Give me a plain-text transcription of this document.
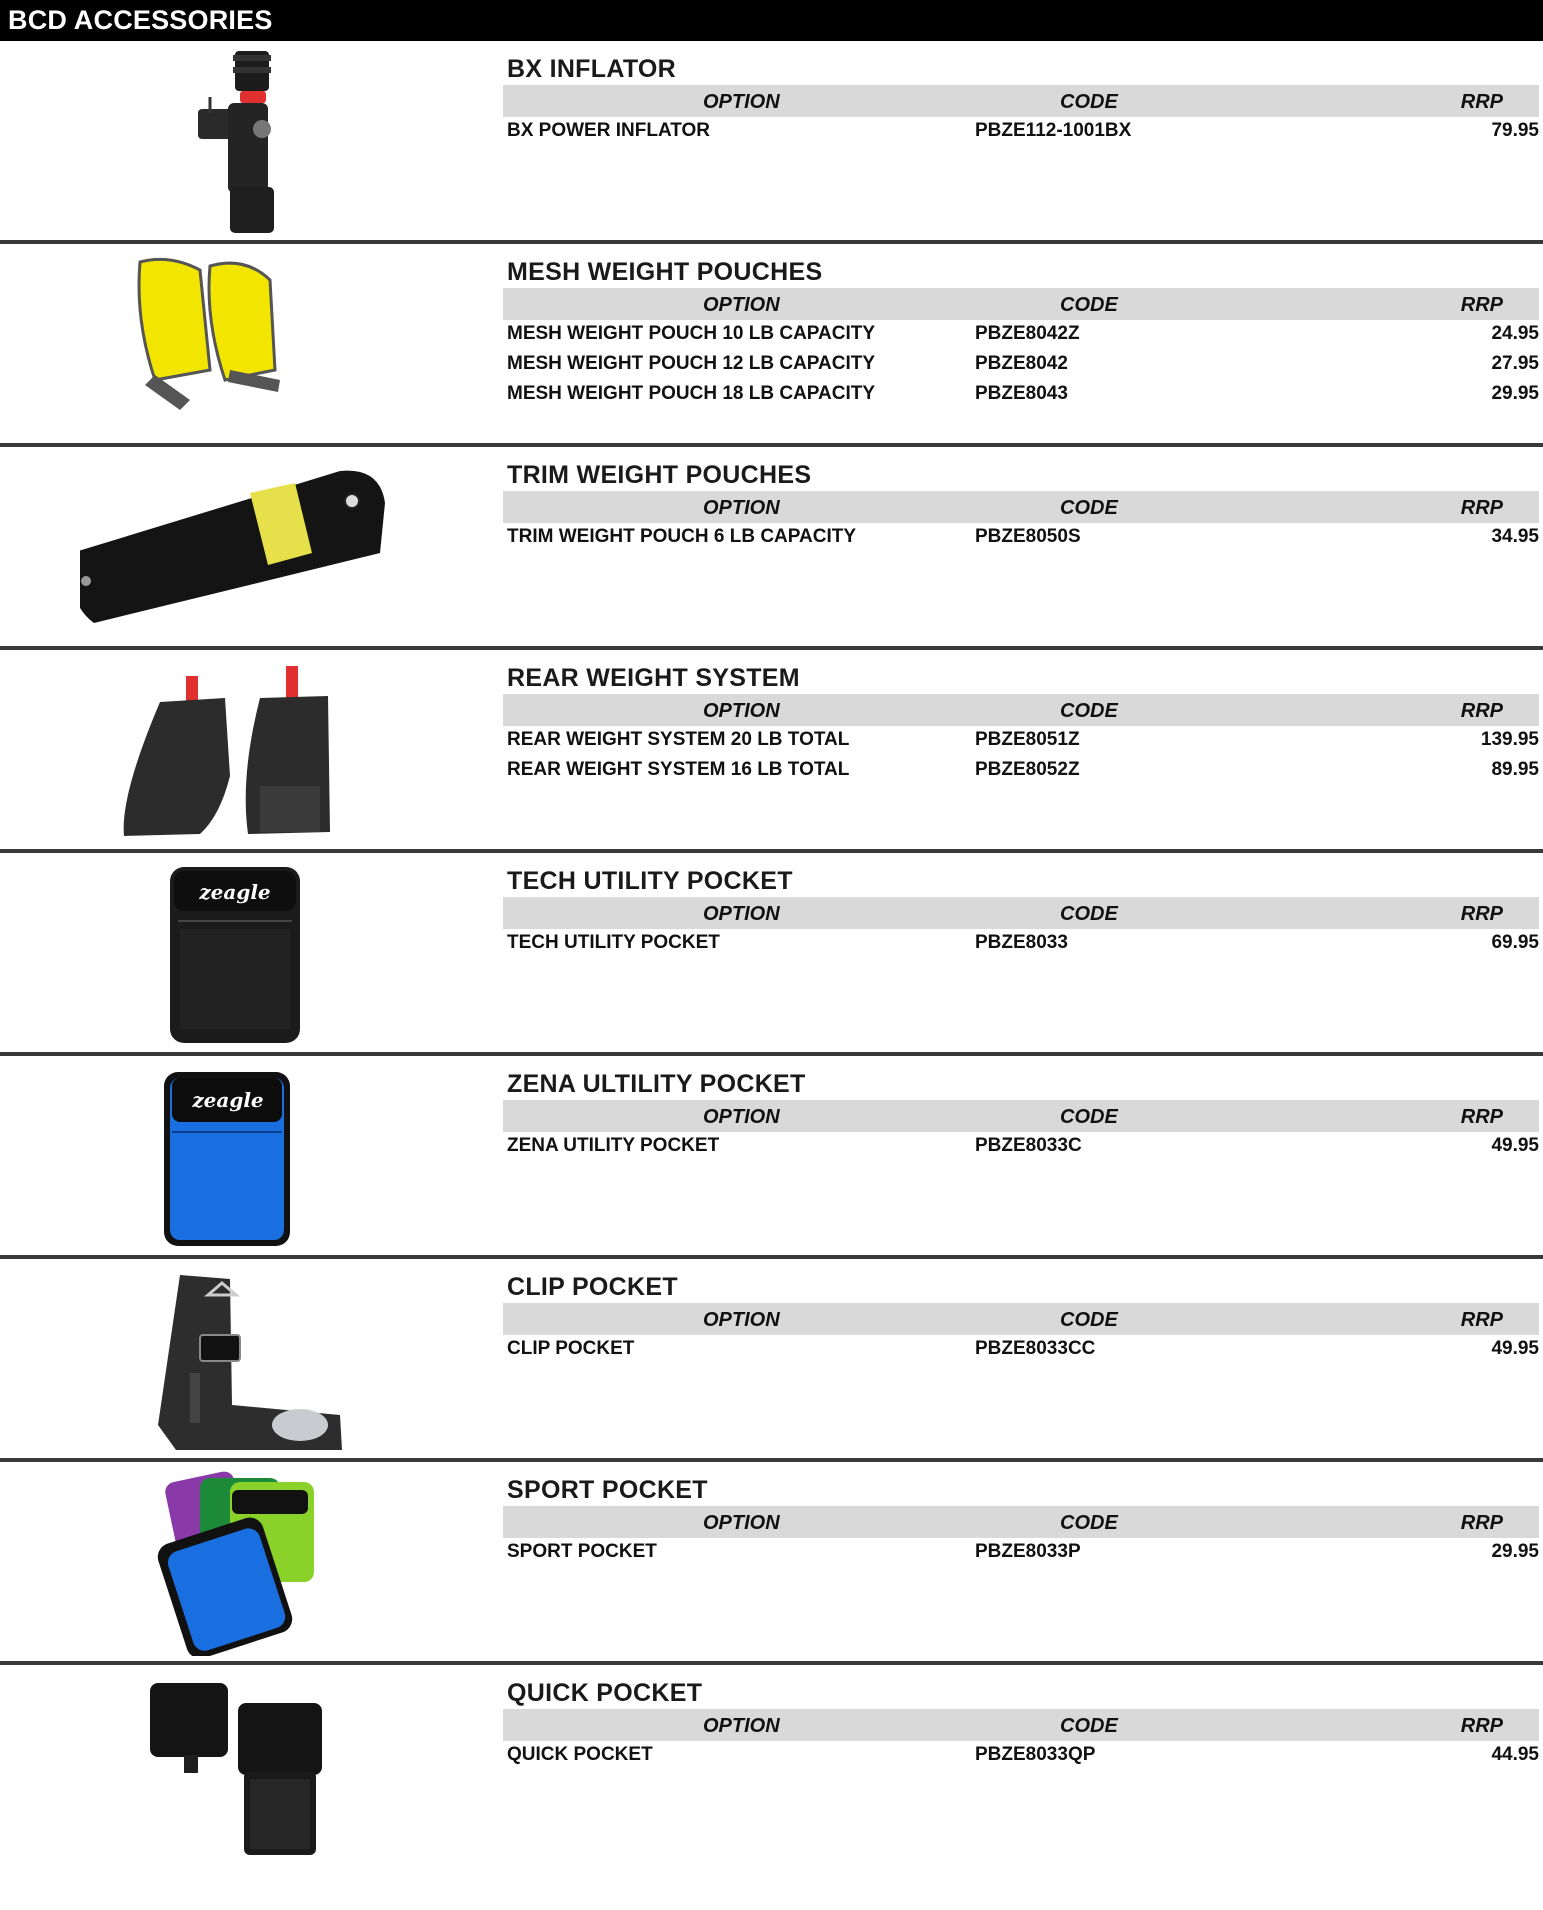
BCD ACCESSORIES
BX INFLATOR
OPTION	CODE	RRP
BX POWER INFLATOR	PBZE112-1001BX	79.95
MESH WEIGHT POUCHES
OPTION	CODE	RRP
MESH WEIGHT POUCH 10 LB CAPACITY	PBZE8042Z	24.95
MESH WEIGHT POUCH 12 LB CAPACITY	PBZE8042	27.95
MESH WEIGHT POUCH 18 LB CAPACITY	PBZE8043	29.95
TRIM WEIGHT POUCHES
OPTION	CODE	RRP
TRIM WEIGHT POUCH 6 LB CAPACITY	PBZE8050S	34.95
REAR WEIGHT SYSTEM
OPTION	CODE	RRP
REAR WEIGHT SYSTEM 20 LB TOTAL	PBZE8051Z	139.95
REAR WEIGHT SYSTEM 16 LB TOTAL	PBZE8052Z	89.95
zeagle	TECH UTILITY POCKET
OPTION	CODE	RRP
TECH UTILITY POCKET	PBZE8033	69.95
zeagle
ZENA ULTILITY POCKET
OPTION	CODE	RRP
ZENA UTILITY POCKET	PBZE8033C	49.95
CLIP POCKET
OPTION	CODE	RRP
CLIP POCKET	PBZE8033CC	49.95
SPORT POCKET
OPTION	CODE	RRP
SPORT POCKET	PBZE8033P	29.95
QUICK POCKET
OPTION	CODE	RRP
QUICK POCKET	PBZE8033QP	44.95
